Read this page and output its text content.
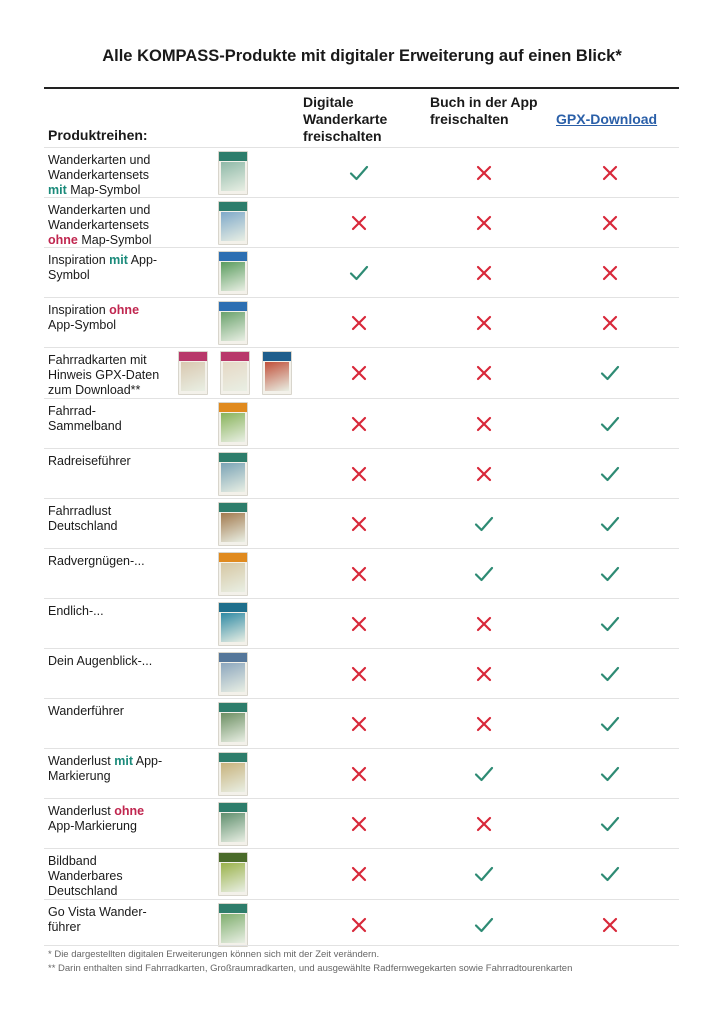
Alle KOMPASS-Produkte mit digitaler Erweiterung auf einen Blick*
Produktreihen:
Digitale
Wanderkarte
freischalten
Buch in der App
freischalten	GPX-Download
Wanderkarten und
Wanderkartensets
mit Map-Symbol
Wanderkarten und
Wanderkartensets
ohne Map-Symbol
Inspiration mit App-
Symbol
Inspiration ohne
App-Symbol
Fahrradkarten mit
Hinweis GPX-Daten
zum Download**
Fahrrad-
Sammelband
Radreiseführer
Fahrradlust
Deutschland
Radvergnügen-...
Endlich-...
Dein Augenblick-...
Wanderführer
Wanderlust mit App-
Markierung
Wanderlust ohne
App-Markierung
Bildband
Wanderbares
Deutschland
Go Vista Wander-
führer
* Die dargestellten digitalen Erweiterungen können sich mit der Zeit verändern.
** Darin enthalten sind Fahrradkarten, Großraumradkarten, und ausgewählte Radfernwegekarten sowie Fahrradtourenkarten
